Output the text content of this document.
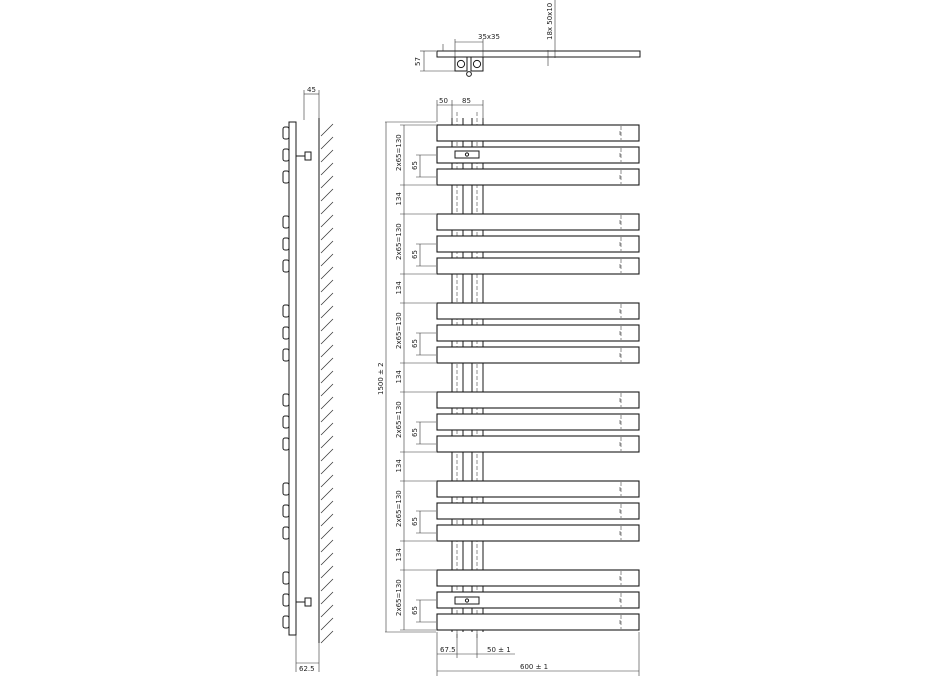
35x35
57
18x 50x10
45
62.5
50 85
1500 ± 2
2x65=130 65
134
2x65=130 65
134
2x65=130 65
134
2x65=130 65
134
2x65=130 65
134
2x65=130 65
67.5	50 ± 1
600 ± 1
